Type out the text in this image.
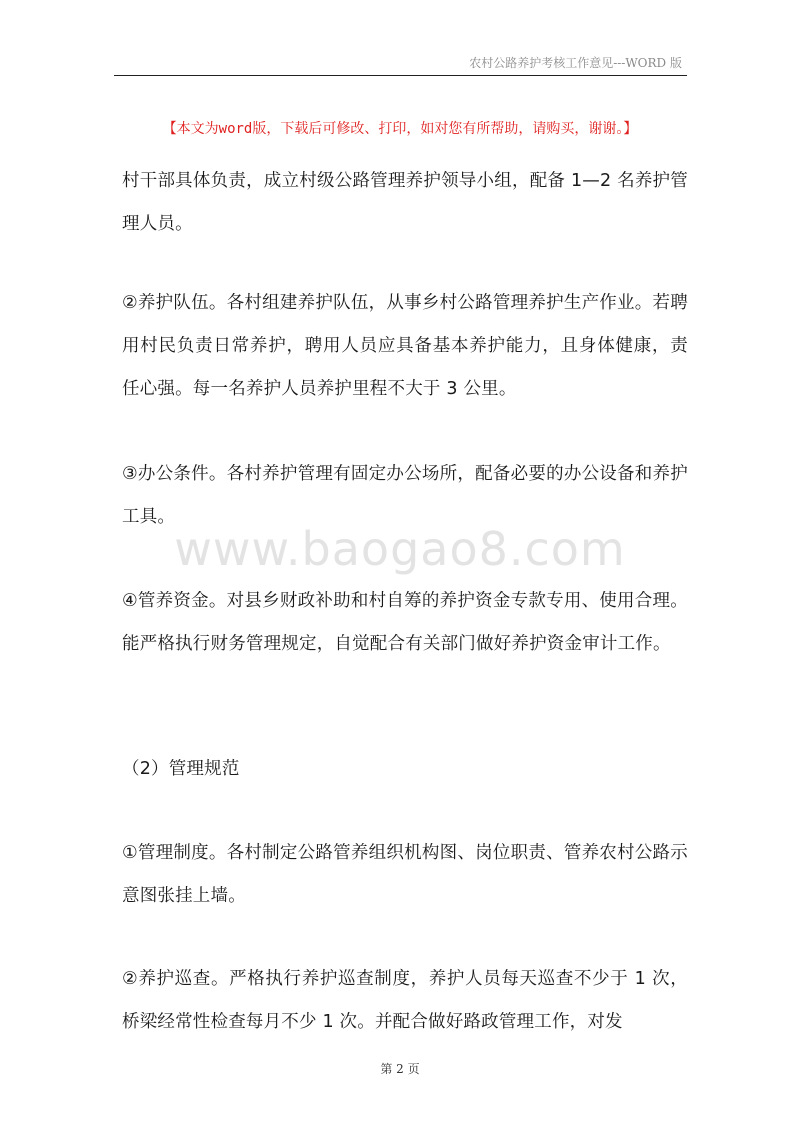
农村公路养护考核工作意见---WORD 版
【本文为word版，下载后可修改、打印，如对您有所帮助，请购买，谢谢。】
www.baogao8.com

村干部具体负责，成立村级公路管理养护领导小组，配备 1—2 名养护管理人员。

②养护队伍。各村组建养护队伍，从事乡村公路管理养护生产作业。若聘用村民负责日常养护，聘用人员应具备基本养护能力，且身体健康，责任心强。每一名养护人员养护里程不大于 3 公里。

③办公条件。各村养护管理有固定办公场所，配备必要的办公设备和养护工具。

④管养资金。对县乡财政补助和村自筹的养护资金专款专用、使用合理。能严格执行财务管理规定，自觉配合有关部门做好养护资金审计工作。

（2）管理规范

①管理制度。各村制定公路管养组织机构图、岗位职责、管养农村公路示意图张挂上墙。

②养护巡查。严格执行养护巡查制度，养护人员每天巡查不少于 1 次，桥梁经常性检查每月不少 1 次。并配合做好路政管理工作，对发

第 2 页
